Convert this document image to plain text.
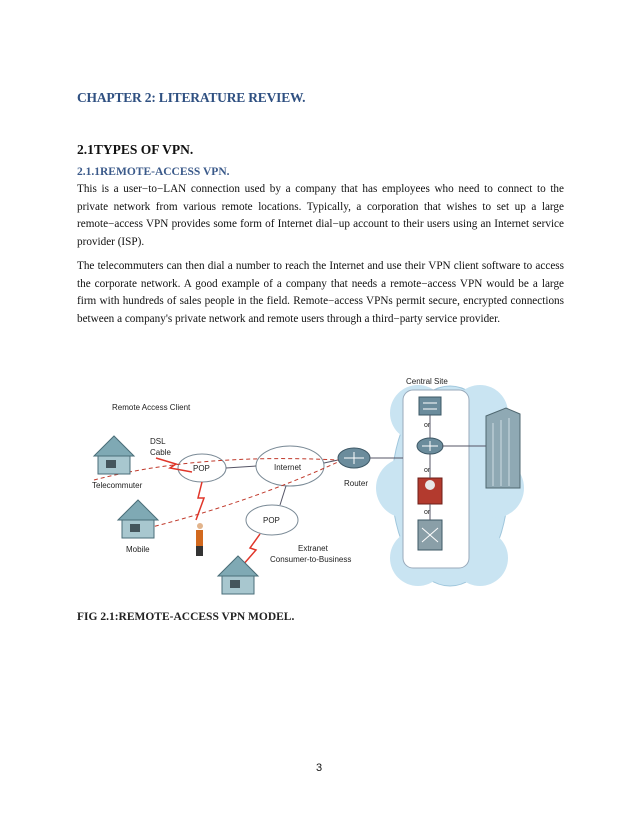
CHAPTER 2: LITERATURE REVIEW.
2.1TYPES OF VPN.
2.1.1REMOTE-ACCESS VPN.
This is a user−to−LAN connection used by a company that has employees who need to connect to the private network from various remote locations. Typically, a corporation that wishes to set up a large remote−access VPN provides some form of Internet dial−up account to their users using an Internet service provider (ISP).
The telecommuters can then dial a number to reach the Internet and use their VPN client software to access the corporate network. A good example of a company that needs a remote−access VPN would be a large firm with hundreds of sales people in the field. Remote−access VPNs permit secure, encrypted connections between a company's private network and remote users through a third−party service provider.
Central Site
or
or
or
Router
Internet
POP
POP
Remote Access Client
DSL
Cable
Telecommuter
Mobile	Extranet
Consumer-to-Business
FIG 2.1:REMOTE-ACCESS VPN MODEL.
3
